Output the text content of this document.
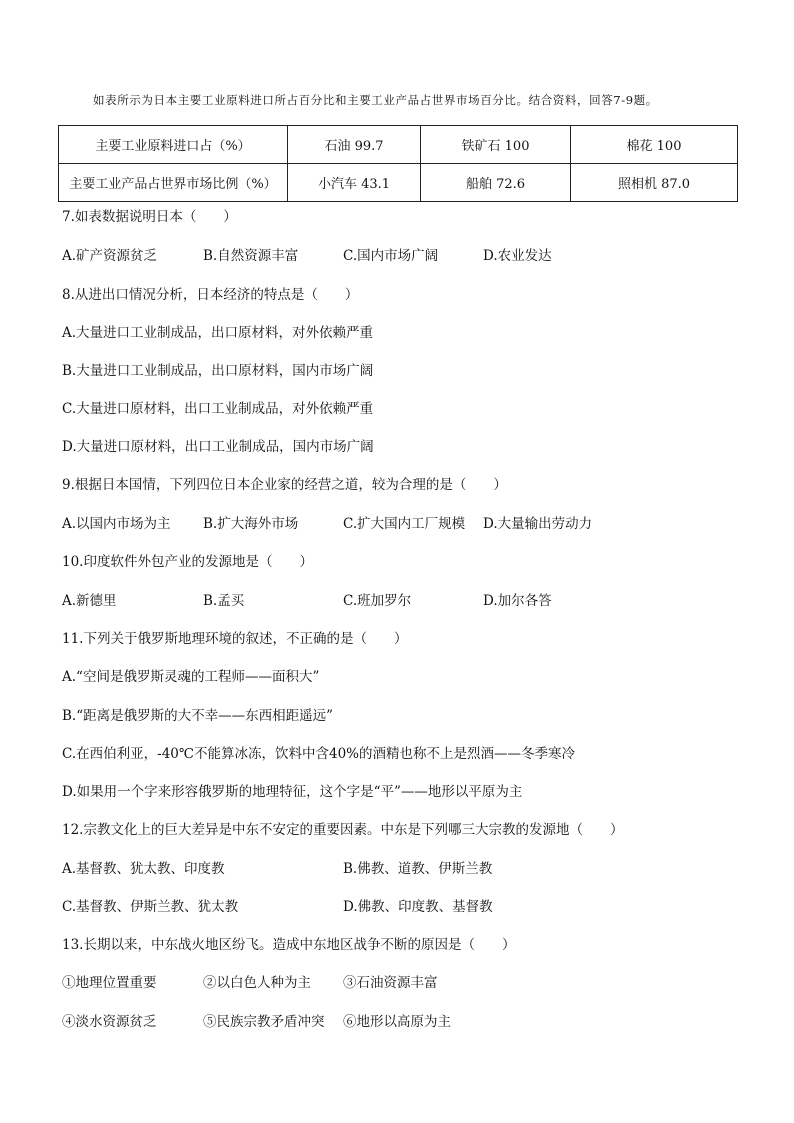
如表所示为日本主要工业原料进口所占百分比和主要工业产品占世界市场百分比。结合资料，回答7-9题。
主要工业原料进口占（%）	石油 99.7	铁矿石 100	棉花 100
主要工业产品占世界市场比例（%）	小汽车 43.1	船舶 72.6	照相机 87.0
7.如表数据说明日本（　　）
A.矿产资源贫乏	B.自然资源丰富	C.国内市场广阔	D.农业发达
8.从进出口情况分析，日本经济的特点是（　　）
A.大量进口工业制成品，出口原材料，对外依赖严重
B.大量进口工业制成品，出口原材料，国内市场广阔
C.大量进口原材料，出口工业制成品，对外依赖严重
D.大量进口原材料，出口工业制成品，国内市场广阔
9.根据日本国情，下列四位日本企业家的经营之道，较为合理的是（　　）
A.以国内市场为主 B.扩大海外市场	C.扩大国内工厂规模 D.大量输出劳动力
10.印度软件外包产业的发源地是（　　）
A.新德里	B.孟买	C.班加罗尔	D.加尔各答
11.下列关于俄罗斯地理环境的叙述，不正确的是（　　）
A.“空间是俄罗斯灵魂的工程师——面积大”
B.“距离是俄罗斯的大不幸——东西相距遥远”
C.在西伯利亚，-40℃不能算冰冻，饮料中含40%的酒精也称不上是烈酒——冬季寒冷
D.如果用一个字来形容俄罗斯的地理特征，这个字是“平”——地形以平原为主
12.宗教文化上的巨大差异是中东不安定的重要因素。中东是下列哪三大宗教的发源地（　　）
A.基督教、犹太教、印度教	B.佛教、道教、伊斯兰教
C.基督教、伊斯兰教、犹太教	D.佛教、印度教、基督教
13.长期以来，中东战火地区纷飞。造成中东地区战争不断的原因是（　　）
①地理位置重要	②以白色人种为主 ③石油资源丰富
④淡水资源贫乏	⑤民族宗教矛盾冲突 ⑥地形以高原为主
